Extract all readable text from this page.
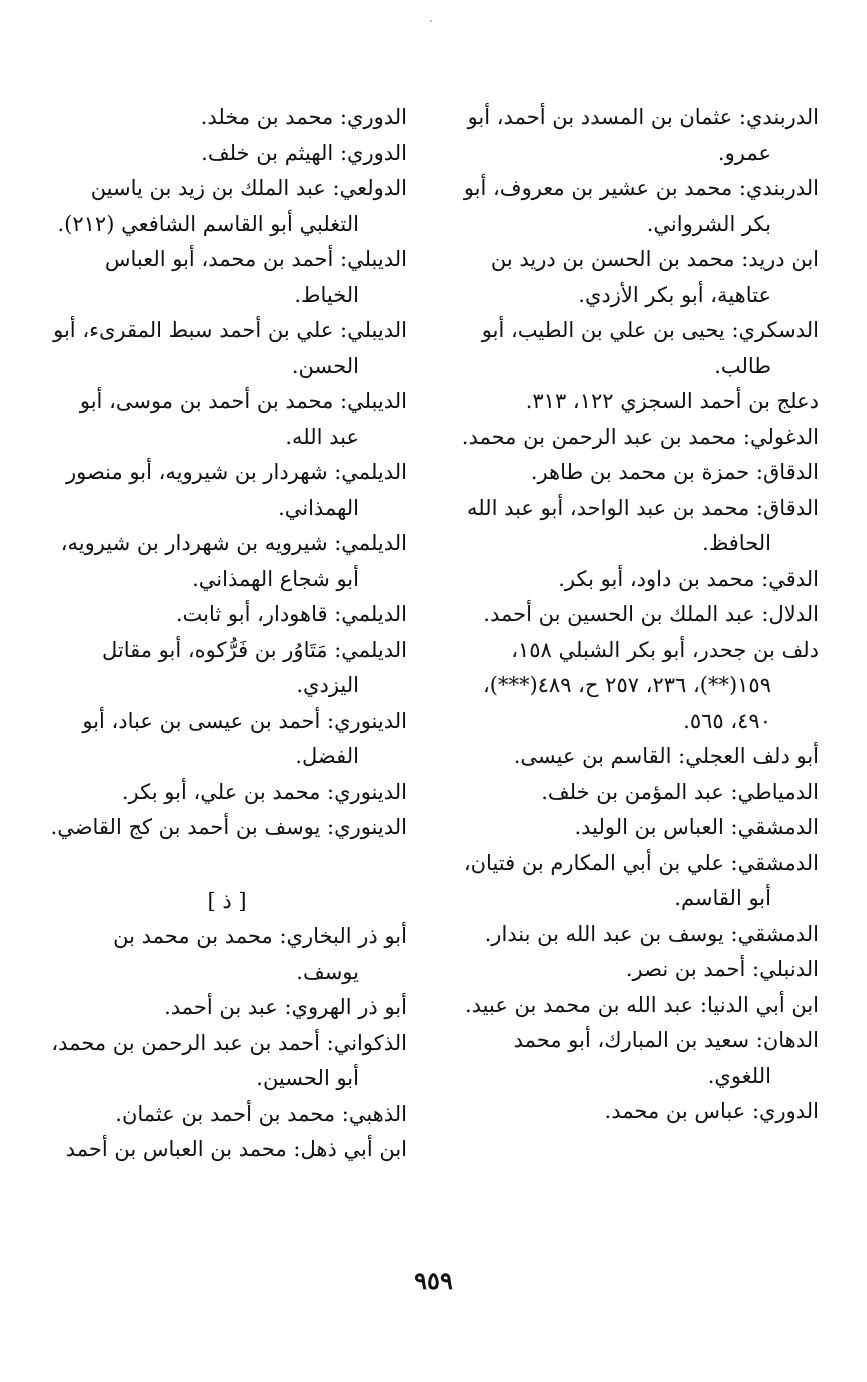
الدربندي: عثمان بن المسدد بن أحمد، أبو عمرو.

الدربندي: محمد بن عشير بن معروف، أبو بكر الشرواني.

ابن دريد: محمد بن الحسن بن دريد بن عتاهية، أبو بكر الأزدي.

الدسكري: يحيى بن علي بن الطيب، أبو طالب.

دعلج بن أحمد السجزي ١٢٢، ٣١٣.

الدغولي: محمد بن عبد الرحمن بن محمد.

الدقاق: حمزة بن محمد بن طاهر.

الدقاق: محمد بن عبد الواحد، أبو عبد الله الحافظ.

الدقي: محمد بن داود، أبو بكر.

الدلال: عبد الملك بن الحسين بن أحمد.

دلف بن جحدر، أبو بكر الشبلي ١٥٨، ١٥٩(**)، ٢٣٦، ٢٥٧ ح، ٤٨٩(***)، ٤٩٠، ٥٦٥.

أبو دلف العجلي: القاسم بن عيسى.

الدمياطي: عبد المؤمن بن خلف.

الدمشقي: العباس بن الوليد.

الدمشقي: علي بن أبي المكارم بن فتيان، أبو القاسم.

الدمشقي: يوسف بن عبد الله بن بندار.

الدنبلي: أحمد بن نصر.

ابن أبي الدنيا: عبد الله بن محمد بن عبيد.

الدهان: سعيد بن المبارك، أبو محمد اللغوي.

الدوري: عباس بن محمد.

الدوري: محمد بن مخلد.

الدوري: الهيثم بن خلف.

الدولعي: عبد الملك بن زيد بن ياسين التغلبي أبو القاسم الشافعي (٢١٢).

الديبلي: أحمد بن محمد، أبو العباس الخياط.

الديبلي: علي بن أحمد سبط المقرىء، أبو الحسن.

الديبلي: محمد بن أحمد بن موسى، أبو عبد الله.

الديلمي: شهردار بن شيرويه، أبو منصور الهمذاني.

الديلمي: شيرويه بن شهردار بن شيرويه، أبو شجاع الهمذاني.

الديلمي: قاهودار، أبو ثابت.

الديلمي: مَتَاوُر بن فَرُّكوه، أبو مقاتل اليزدي.

الدينوري: أحمد بن عيسى بن عباد، أبو الفضل.

الدينوري: محمد بن علي، أبو بكر.

الدينوري: يوسف بن أحمد بن كج القاضي.

[ ذ ]

أبو ذر البخاري: محمد بن محمد بن يوسف.

أبو ذر الهروي: عبد بن أحمد.

الذكواني: أحمد بن عبد الرحمن بن محمد، أبو الحسين.

الذهبي: محمد بن أحمد بن عثمان.

ابن أبي ذهل: محمد بن العباس بن أحمد

٩٥٩
